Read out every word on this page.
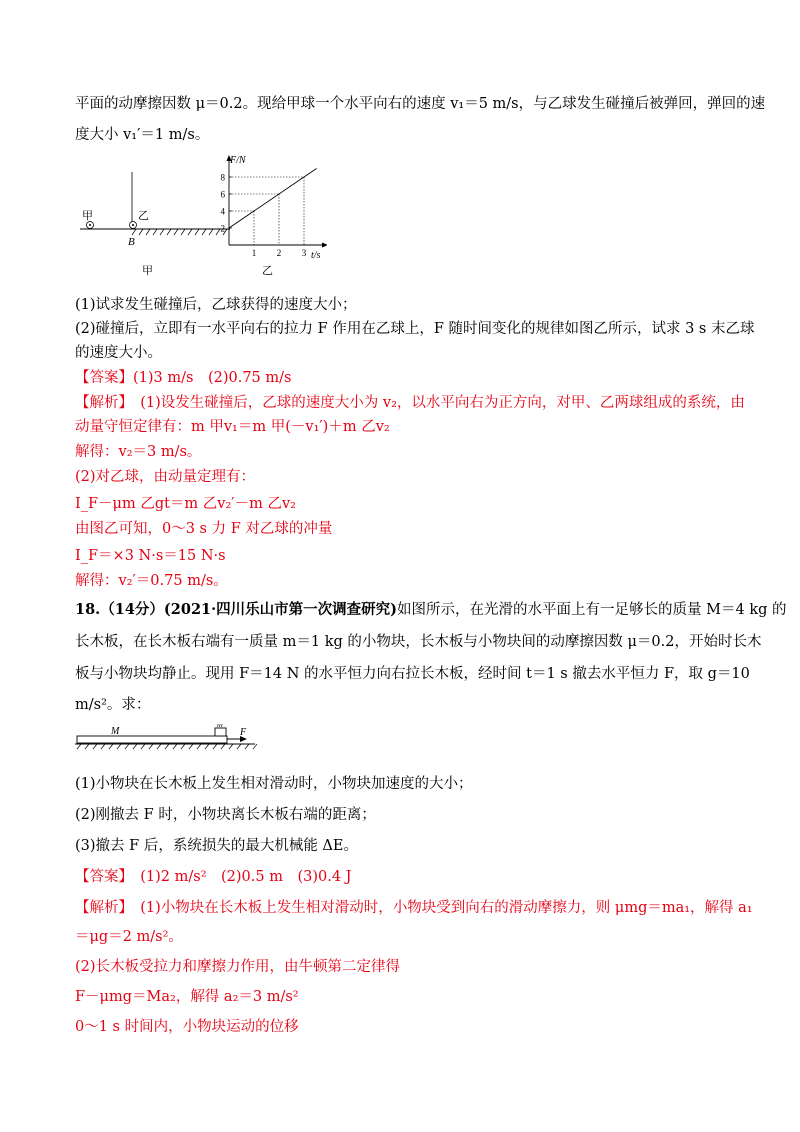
平面的动摩擦因数 μ＝0.2。现给甲球一个水平向右的速度 v₁＝5 m/s，与乙球发生碰撞后被弹回，弹回的速
度大小 v₁′＝1 m/s。
甲	乙
B
甲
F/N
t/s
乙
2
4
6
8
1 2 3
(1)试求发生碰撞后，乙球获得的速度大小；
(2)碰撞后，立即有一水平向右的拉力 F 作用在乙球上，F 随时间变化的规律如图乙所示，试求 3 s 末乙球
的速度大小。
【答案】(1)3 m/s　(2)0.75 m/s
【解析】　(1)设发生碰撞后，乙球的速度大小为 v₂，以水平向右为正方向，对甲、乙两球组成的系统，由
动量守恒定律有：m 甲v₁＝m 甲(－v₁′)＋m 乙v₂
解得：v₂＝3 m/s。
(2)对乙球，由动量定理有：
I_F－μm 乙gt＝m 乙v₂′－m 乙v₂
由图乙可知，0～3 s 力 F 对乙球的冲量
I_F＝×3 N·s＝15 N·s
解得：v₂′＝0.75 m/s。
18.（14分）(2021·四川乐山市第一次调查研究)如图所示，在光滑的水平面上有一足够长的质量 M＝4 kg 的
长木板，在长木板右端有一质量 m＝1 kg 的小物块，长木板与小物块间的动摩擦因数 μ＝0.2，开始时长木
板与小物块均静止。现用 F＝14 N 的水平恒力向右拉长木板，经时间 t＝1 s 撤去水平恒力 F，取 g＝10
m/s²。求：
M
m
F
(1)小物块在长木板上发生相对滑动时，小物块加速度的大小；
(2)刚撤去 F 时，小物块离长木板右端的距离；
(3)撤去 F 后，系统损失的最大机械能 ΔE。
【答案】　(1)2 m/s²　(2)0.5 m　(3)0.4 J
【解析】　(1)小物块在长木板上发生相对滑动时，小物块受到向右的滑动摩擦力，则 μmg＝ma₁，解得 a₁
＝μg＝2 m/s²。
(2)长木板受拉力和摩擦力作用，由牛顿第二定律得
F－μmg＝Ma₂，解得 a₂＝3 m/s²
0～1 s 时间内，小物块运动的位移
